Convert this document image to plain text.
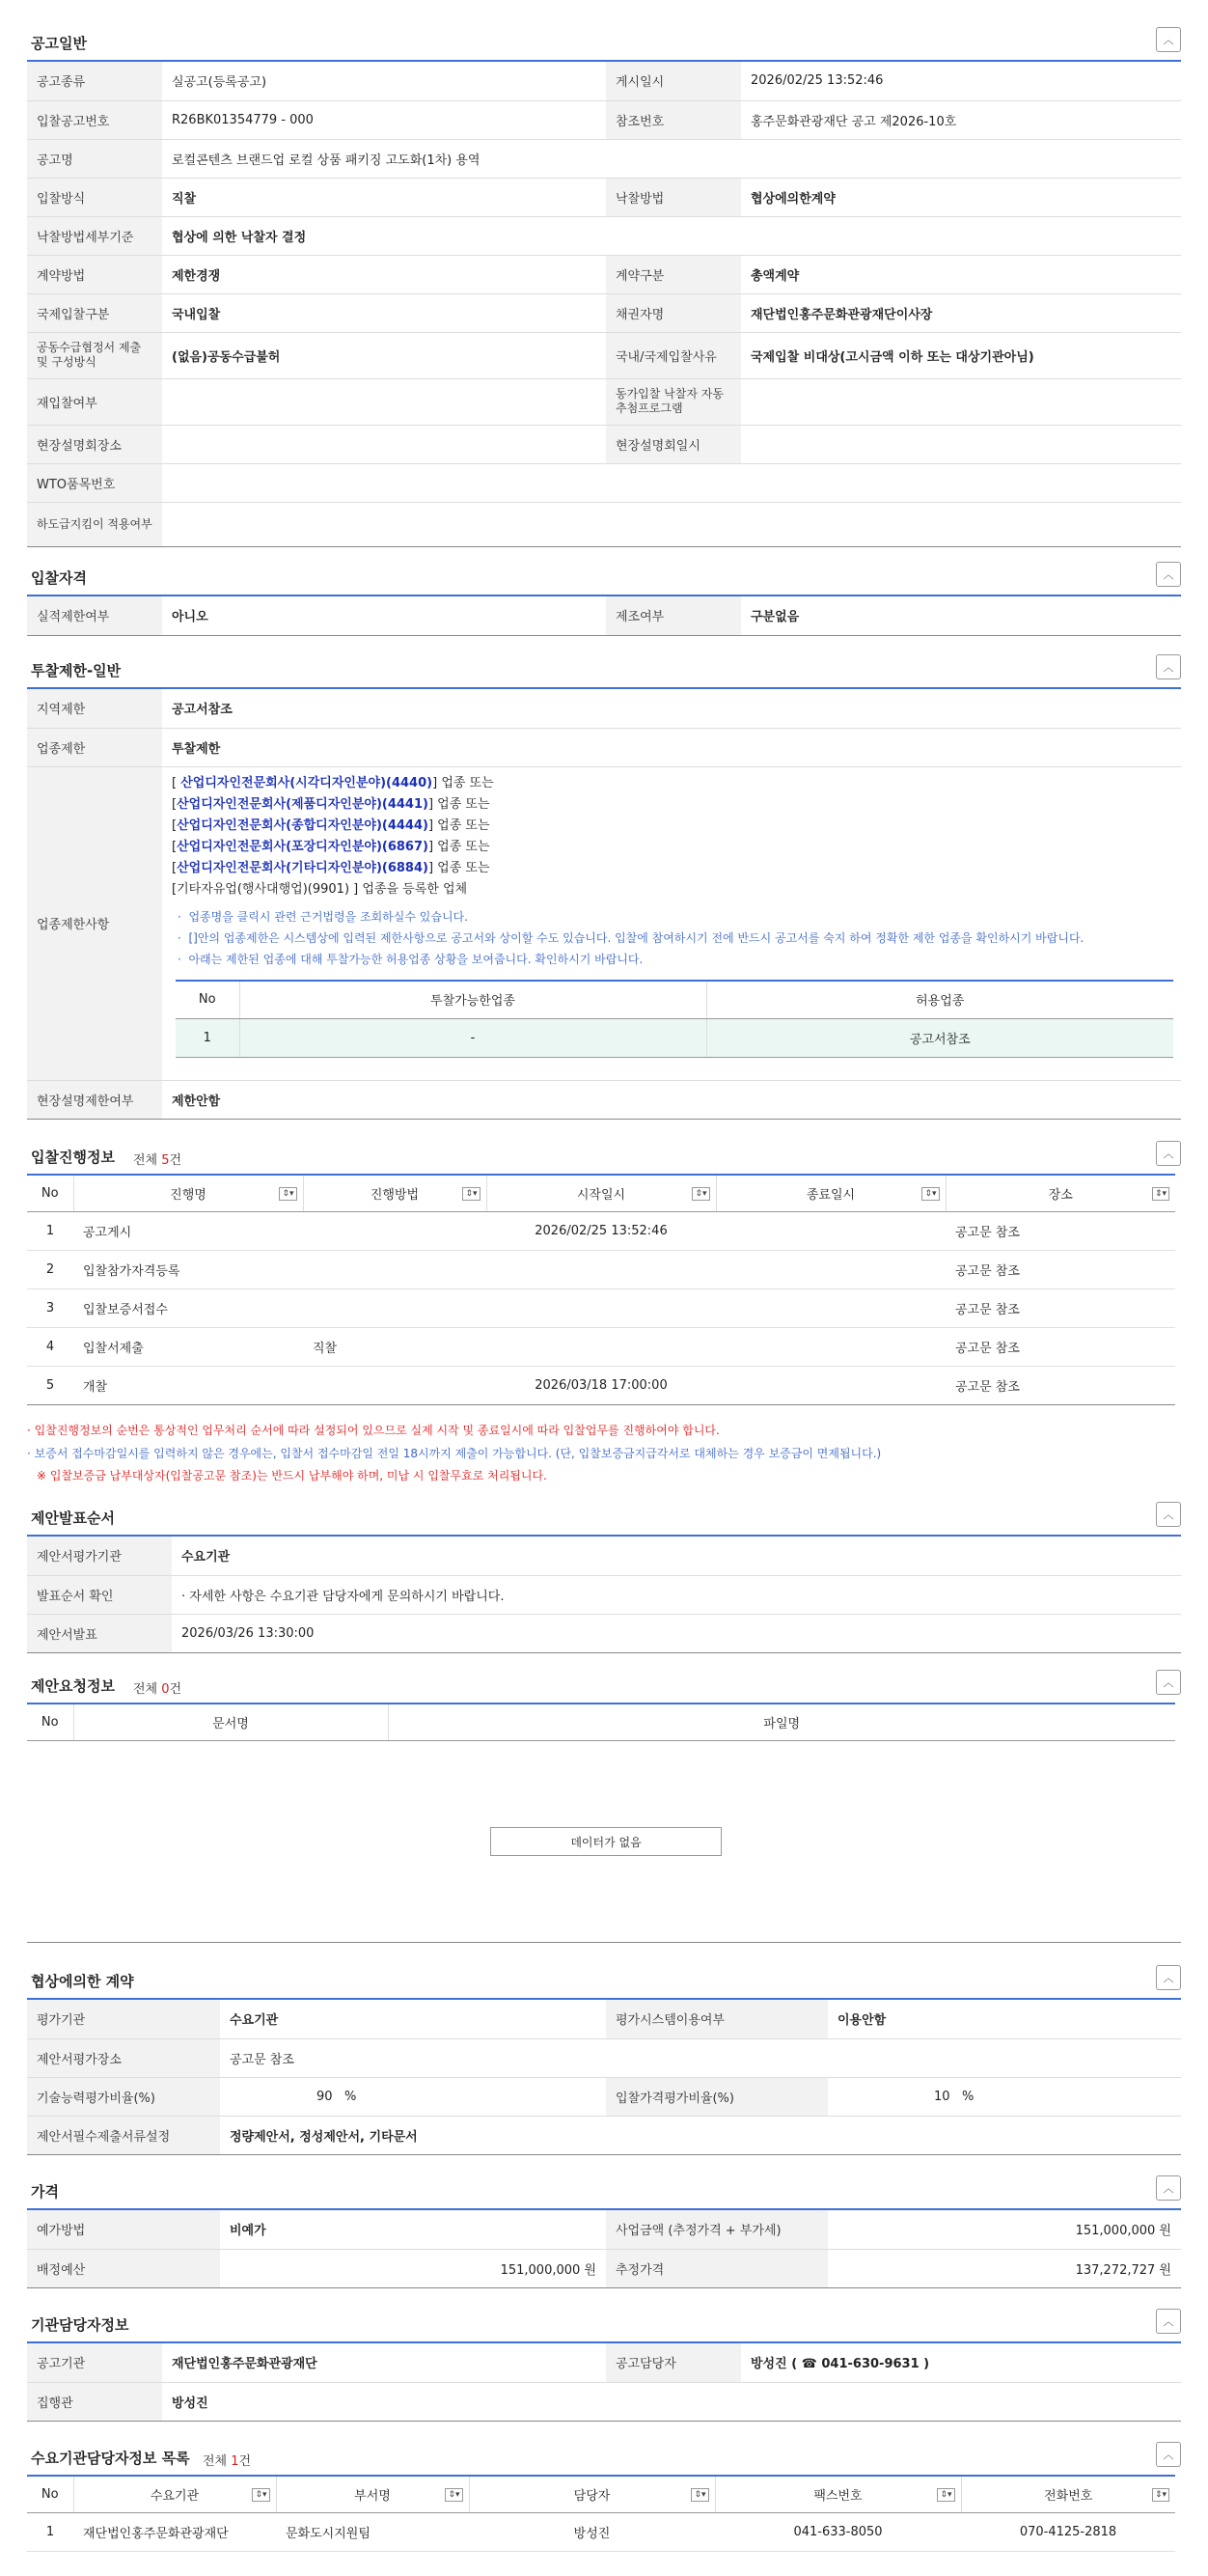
공고일반	︿
공고종류	실공고(등록공고)	게시일시	2026/02/25 13:52:46
입찰공고번호	R26BK01354779 - 000	참조번호	홍주문화관광재단 공고 제2026-10호
공고명	로컬콘텐츠 브랜드업 로컬 상품 패키징 고도화(1차) 용역		
입찰방식	직찰	낙찰방법	협상에의한계약
낙찰방법세부기준	협상에 의한 낙찰자 결정		
계약방법	제한경쟁	계약구분	총액계약
국제입찰구분	국내입찰	채권자명	재단법인홍주문화관광재단이사장
공동수급협정서 제출 및 구성방식	(없음)공동수급불허	국내/국제입찰사유	국제입찰 비대상(고시금액 이하 또는 대상기관아님)
재입찰여부		동가입찰 낙찰자 자동추첨프로그램	
현장설명회장소		현장설명회일시	
WTO품목번호			
하도급지킴이 적용여부			
입찰자격	︿
실적제한여부	아니오	제조여부	구분없음
투찰제한-일반	︿
지역제한	공고서참조
업종제한	투찰제한
업종제한사항	
[ 산업디자인전문회사(시각디자인분야)(4440)] 업종 또는
[산업디자인전문회사(제품디자인분야)(4441)] 업종 또는
[산업디자인전문회사(종합디자인분야)(4444)] 업종 또는
[산업디자인전문회사(포장디자인분야)(6867)] 업종 또는
[산업디자인전문회사(기타디자인분야)(6884)] 업종 또는
[기타자유업(행사대행업)(9901) ] 업종을 등록한 업체
·  업종명을 클릭시 관련 근거법령을 조회하실수 있습니다.
·  []안의 업종제한은 시스템상에 입력된 제한사항으로 공고서와 상이할 수도 있습니다. 입찰에 참여하시기 전에 반드시 공고서를 숙지 하여 정확한 제한 업종을 확인하시기 바랍니다.
·  아래는 제한된 업종에 대해 투찰가능한 허용업종 상황을 보여줍니다. 확인하시기 바랍니다.
No	투찰가능한업종	허용업종
1	-	공고서참조

현장설명제한여부	제한안함
입찰진행정보 전체 5건	︿
No	진행명 ⇕▾	진행방법 ⇕▾	시작일시 ⇕▾	종료일시 ⇕▾	장소 ⇕▾

1	공고게시		2026/02/25 13:52:46		공고문 참조
2	입찰참가자격등록				공고문 참조
3	입찰보증서접수				공고문 참조
4	입찰서제출	직찰			공고문 참조
5	개찰		2026/03/18 17:00:00		공고문 참조
· 입찰진행정보의 순번은 통상적인 업무처리 순서에 따라 설정되어 있으므로 실제 시작 및 종료일시에 따라 입찰업무를 진행하여야 합니다.
· 보증서 접수마감일시를 입력하지 않은 경우에는, 입찰서 접수마감일 전일 18시까지 제출이 가능합니다. (단, 입찰보증금지급각서로 대체하는 경우 보증금이 면제됩니다.)
※ 입찰보증금 납부대상자(입찰공고문 참조)는 반드시 납부해야 하며, 미납 시 입찰무효로 처리됩니다.
제안발표순서	︿
제안서평가기관	수요기관
발표순서 확인	· 자세한 사항은 수요기관 담당자에게 문의하시기 바랍니다.
제안서발표	2026/03/26 13:30:00
제안요청정보 전체 0건	︿
No	문서명	파일명
데이터가 없음
협상에의한 계약	︿
평가기관	수요기관	평가시스템이용여부	이용안함
제안서평가장소	공고문 참조		
기술능력평가비율(%)	90 %	입찰가격평가비율(%)	10 %
제안서필수제출서류설정	정량제안서, 정성제안서, 기타문서		
가격	︿
예가방법	비예가	사업금액 (추정가격 + 부가세)	151,000,000 원
배정예산	151,000,000 원	추정가격	137,272,727 원
기관담당자정보	︿
공고기관	재단법인홍주문화관광재단	공고담당자	방성진 ( ☎ 041-630-9631 )
집행관	방성진		
수요기관담당자정보 목록 전체 1건	︿
No	수요기관 ⇕▾	부서명 ⇕▾	담당자 ⇕▾	팩스번호 ⇕▾	전화번호 ⇕▾

1	재단법인홍주문화관광재단	문화도시지원팀	방성진	041-633-8050	070-4125-2818
